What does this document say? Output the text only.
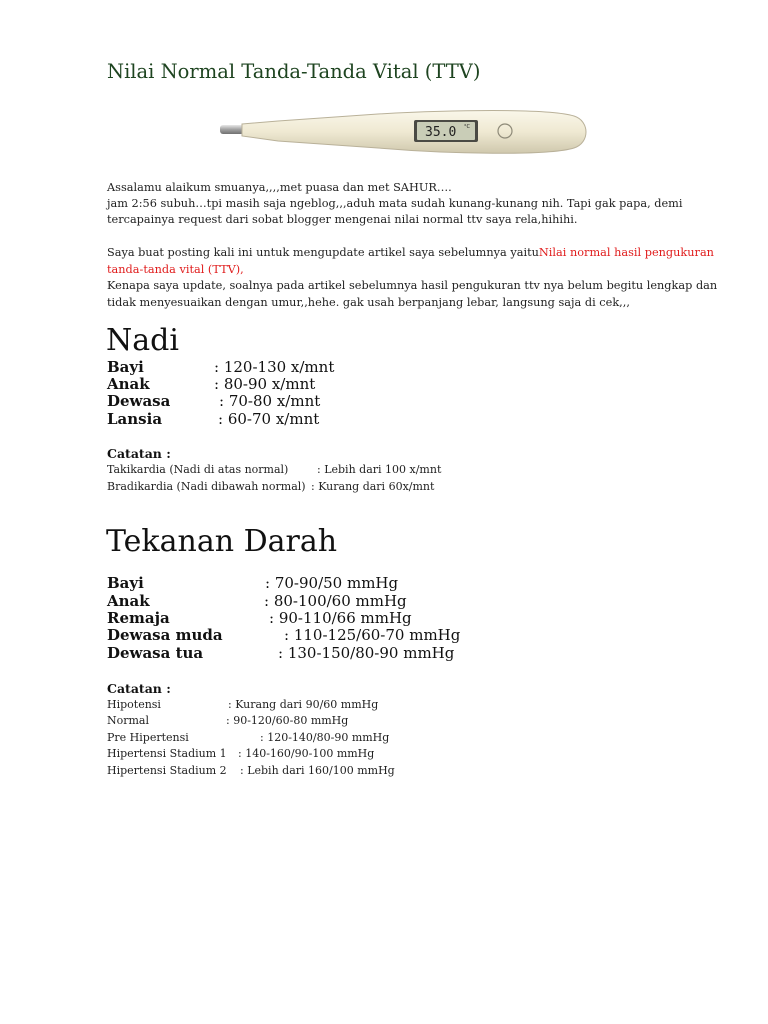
Nilai Normal Tanda-Tanda Vital (TTV)
35.0 °C
Assalamu alaikum smuanya,,,,met puasa dan met SAHUR….
jam 2:56 subuh…tpi masih saja ngeblog,,,aduh mata sudah kunang-kunang nih. Tapi gak papa, demi
tercapainya request dari sobat blogger mengenai nilai normal ttv saya rela,hihihi.
Saya buat posting kali ini untuk mengupdate artikel saya sebelumnya yaituNilai normal hasil pengukuran
tanda-tanda vital (TTV),
Kenapa saya update, soalnya pada artikel sebelumnya hasil pengukuran ttv nya belum begitu lengkap dan
tidak menyesuaikan dengan umur,,hehe. gak usah berpanjang lebar, langsung saja di cek,,,
Nadi
Bayi	: 120-130 x/mnt
Anak	: 80-90 x/mnt
Dewasa	: 70-80 x/mnt
Lansia	: 60-70 x/mnt
Catatan :
Takikardia (Nadi di atas normal)	: Lebih dari 100 x/mnt
Bradikardia (Nadi dibawah normal) : Kurang dari 60x/mnt
Tekanan Darah
Bayi	: 70-90/50 mmHg
Anak	: 80-100/60 mmHg
Remaja	: 90-110/66 mmHg
Dewasa muda	: 110-125/60-70 mmHg
Dewasa tua	: 130-150/80-90 mmHg
Catatan :
Hipotensi	: Kurang dari 90/60 mmHg
Normal	: 90-120/60-80 mmHg
Pre Hipertensi	: 120-140/80-90 mmHg
Hipertensi Stadium 1 : 140-160/90-100 mmHg
Hipertensi Stadium 2 : Lebih dari 160/100 mmHg
